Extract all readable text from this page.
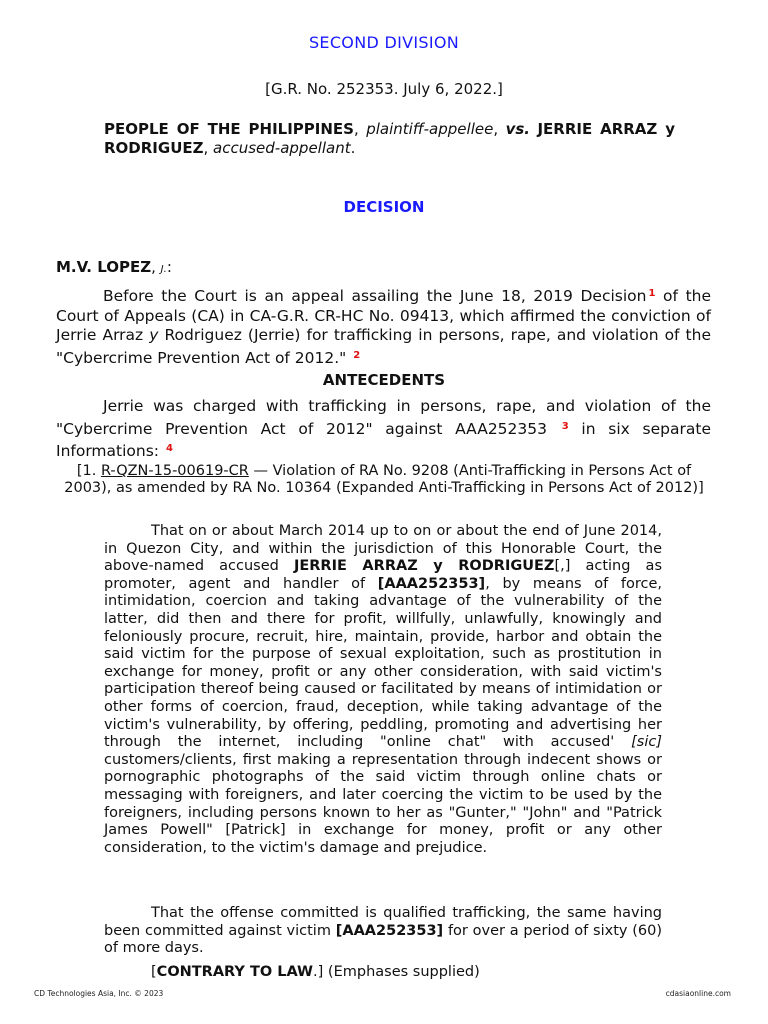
SECOND DIVISION
[G.R. No. 252353. July 6, 2022.]
PEOPLE OF THE PHILIPPINES, plaintiff-appellee, vs. JERRIE ARRAZ y RODRIGUEZ, accused-appellant.
DECISION
M.V. LOPEZ, J.:
Before the Court is an appeal assailing the June 18, 2019 Decision $^1$ of the Court of Appeals (CA) in CA-G.R. CR-HC No. 09413, which affirmed the conviction of Jerrie Arraz y Rodriguez (Jerrie) for trafficking in persons, rape, and violation of the "Cybercrime Prevention Act of 2012." $^2$
ANTECEDENTS
Jerrie was charged with trafficking in persons, rape, and violation of the "Cybercrime Prevention Act of 2012" against AAA252353 $^3$ in six separate Informations: $^4$
[1. R-QZN-15-00619-CR — Violation of RA No. 9208 (Anti-Trafficking in Persons Act of 2003), as amended by RA No. 10364 (Expanded Anti-Trafficking in Persons Act of 2012)]
That on or about March 2014 up to on or about the end of June 2014, in Quezon City, and within the jurisdiction of this Honorable Court, the above-named accused JERRIE ARRAZ y RODRIGUEZ[,] acting as promoter, agent and handler of [AAA252353], by means of force, intimidation, coercion and taking advantage of the vulnerability of the latter, did then and there for profit, willfully, unlawfully, knowingly and feloniously procure, recruit, hire, maintain, provide, harbor and obtain the said victim for the purpose of sexual exploitation, such as prostitution in exchange for money, profit or any other consideration, with said victim's participation thereof being caused or facilitated by means of intimidation or other forms of coercion, fraud, deception, while taking advantage of the victim's vulnerability, by offering, peddling, promoting and advertising her through the internet, including "online chat" with accused' [sic] customers/clients, first making a representation through indecent shows or pornographic photographs of the said victim through online chats or messaging with foreigners, and later coercing the victim to be used by the foreigners, including persons known to her as "Gunter," "John" and "Patrick James Powell" [Patrick] in exchange for money, profit or any other consideration, to the victim's damage and prejudice.
That the offense committed is qualified trafficking, the same having been committed against victim [AAA252353] for over a period of sixty (60) of more days.
[CONTRARY TO LAW.] (Emphases supplied)
CD Technologies Asia, Inc. © 2023	cdasiaonline.com
